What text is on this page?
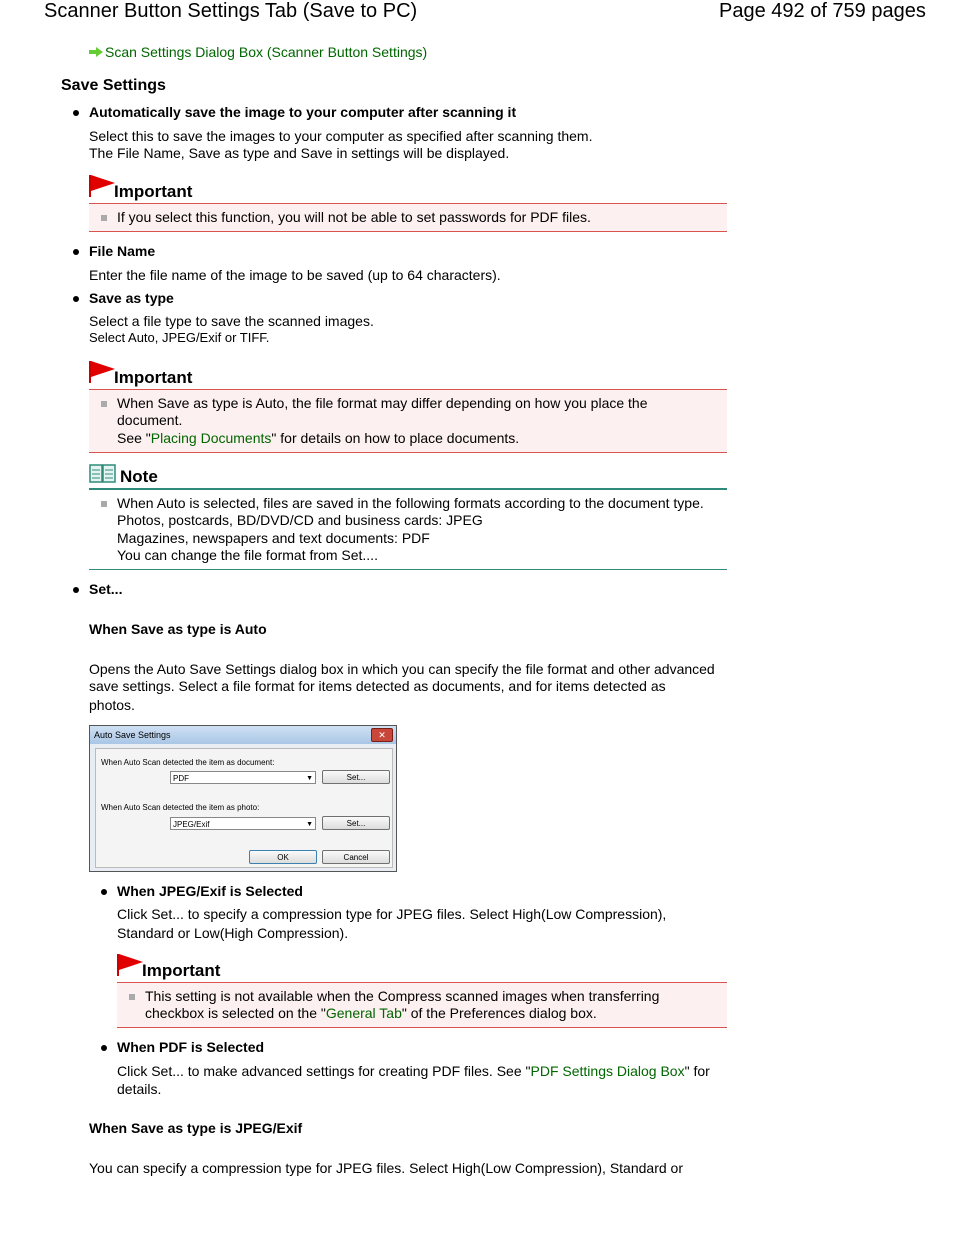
Scanner Button Settings Tab (Save to PC)	Page 492 of 759 pages
Scan Settings Dialog Box (Scanner Button Settings)
Save Settings
Automatically save the image to your computer after scanning it
Select this to save the images to your computer as specified after scanning them.
The File Name, Save as type and Save in settings will be displayed.
Important
If you select this function, you will not be able to set passwords for PDF files.
File Name
Enter the file name of the image to be saved (up to 64 characters).
Save as type
Select a file type to save the scanned images.
Select Auto, JPEG/Exif or TIFF.
Important
When Save as type is Auto, the file format may differ depending on how you place the
document.
See "Placing Documents" for details on how to place documents.
Note
When Auto is selected, files are saved in the following formats according to the document type.
Photos, postcards, BD/DVD/CD and business cards: JPEG
Magazines, newspapers and text documents: PDF
You can change the file format from Set....
Set...
When Save as type is Auto
Opens the Auto Save Settings dialog box in which you can specify the file format and other advanced
save settings. Select a file format for items detected as documents, and for items detected as
photos.
Auto Save Settings	✕
When Auto Scan detected the item as document:
PDF	▼	Set...
When Auto Scan detected the item as photo:
JPEG/Exif	▼	Set...
OK	Cancel
When JPEG/Exif is Selected
Click Set... to specify a compression type for JPEG files. Select High(Low Compression),
Standard or Low(High Compression).
Important
This setting is not available when the Compress scanned images when transferring
checkbox is selected on the "General Tab" of the Preferences dialog box.
When PDF is Selected
Click Set... to make advanced settings for creating PDF files. See "PDF Settings Dialog Box" for
details.
When Save as type is JPEG/Exif
You can specify a compression type for JPEG files. Select High(Low Compression), Standard or
